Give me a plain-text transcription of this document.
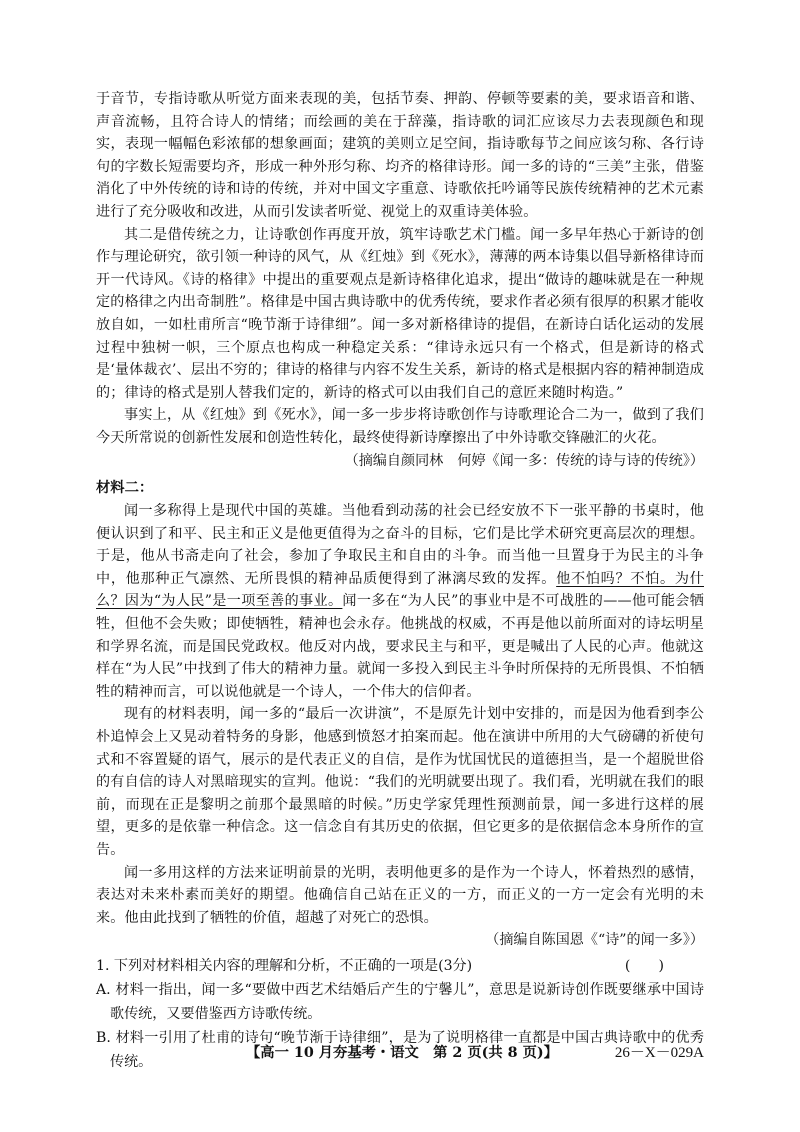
于音节，专指诗歌从听觉方面来表现的美，包括节奏、押韵、停顿等要素的美，要求语音和谐、声音流畅，且符合诗人的情绪；而绘画的美在于辞藻，指诗歌的词汇应该尽力去表现颜色和现实，表现一幅幅色彩浓郁的想象画面；建筑的美则立足空间，指诗歌每节之间应该匀称、各行诗句的字数长短需要均齐，形成一种外形匀称、均齐的格律诗形。闻一多的诗的“三美”主张，借鉴消化了中外传统的诗和诗的传统，并对中国文字重意、诗歌依托吟诵等民族传统精神的艺术元素进行了充分吸收和改进，从而引发读者听觉、视觉上的双重诗美体验。

其二是借传统之力，让诗歌创作再度开放，筑牢诗歌艺术门槛。闻一多早年热心于新诗的创作与理论研究，欲引领一种诗的风气，从《红烛》到《死水》，薄薄的两本诗集以倡导新格律诗而开一代诗风。《诗的格律》中提出的重要观点是新诗格律化追求，提出“做诗的趣味就是在一种规定的格律之内出奇制胜”。格律是中国古典诗歌中的优秀传统，要求作者必须有很厚的积累才能收放自如，一如杜甫所言“晚节渐于诗律细”。闻一多对新格律诗的提倡，在新诗白话化运动的发展过程中独树一帜，三个原点也构成一种稳定关系：“律诗永远只有一个格式，但是新诗的格式是‘量体裁衣’、层出不穷的；律诗的格律与内容不发生关系，新诗的格式是根据内容的精神制造成的；律诗的格式是别人替我们定的，新诗的格式可以由我们自己的意匠来随时构造。”

事实上，从《红烛》到《死水》，闻一多一步步将诗歌创作与诗歌理论合二为一，做到了我们今天所常说的创新性发展和创造性转化，最终使得新诗摩擦出了中外诗歌交锋融汇的火花。

（摘编自颜同林　何婷《闻一多：传统的诗与诗的传统》）

材料二：

闻一多称得上是现代中国的英雄。当他看到动荡的社会已经安放不下一张平静的书桌时，他便认识到了和平、民主和正义是他更值得为之奋斗的目标，它们是比学术研究更高层次的理想。于是，他从书斋走向了社会，参加了争取民主和自由的斗争。而当他一旦置身于为民主的斗争中，他那种正气凛然、无所畏惧的精神品质便得到了淋漓尽致的发挥。他不怕吗？不怕。为什么？因为“为人民”是一项至善的事业。闻一多在“为人民”的事业中是不可战胜的——他可能会牺牲，但他不会失败；即使牺牲，精神也会永存。他挑战的权威，不再是他以前所面对的诗坛明星和学界名流，而是国民党政权。他反对内战，要求民主与和平，更是喊出了人民的心声。他就这样在“为人民”中找到了伟大的精神力量。就闻一多投入到民主斗争时所保持的无所畏惧、不怕牺牲的精神而言，可以说他就是一个诗人，一个伟大的信仰者。

现有的材料表明，闻一多的“最后一次讲演”，不是原先计划中安排的，而是因为他看到李公朴追悼会上又晃动着特务的身影，他感到愤怒才拍案而起。他在演讲中所用的大气磅礴的祈使句式和不容置疑的语气，展示的是代表正义的自信，是作为忧国忧民的道德担当，是一个超脱世俗的有自信的诗人对黑暗现实的宣判。他说：“我们的光明就要出现了。我们看，光明就在我们的眼前，而现在正是黎明之前那个最黑暗的时候。”历史学家凭理性预测前景，闻一多进行这样的展望，更多的是依靠一种信念。这一信念自有其历史的依据，但它更多的是依据信念本身所作的宣告。

闻一多用这样的方法来证明前景的光明，表明他更多的是作为一个诗人，怀着热烈的感情，表达对未来朴素而美好的期望。他确信自己站在正义的一方，而正义的一方一定会有光明的未来。他由此找到了牺牲的价值，超越了对死亡的恐惧。

（摘编自陈国恩《“诗”的闻一多》）

1. 下列对材料相关内容的理解和分析，不正确的一项是(3分)	(　　)

A. 材料一指出，闻一多“要做中西艺术结婚后产生的宁馨儿”，意思是说新诗创作既要继承中国诗歌传统，又要借鉴西方诗歌传统。

B. 材料一引用了杜甫的诗句“晚节渐于诗律细”，是为了说明格律一直都是中国古典诗歌中的优秀传统。

【高一 10 月夯基考・语文　第 2 页(共 8 页)】	26－X－029A
